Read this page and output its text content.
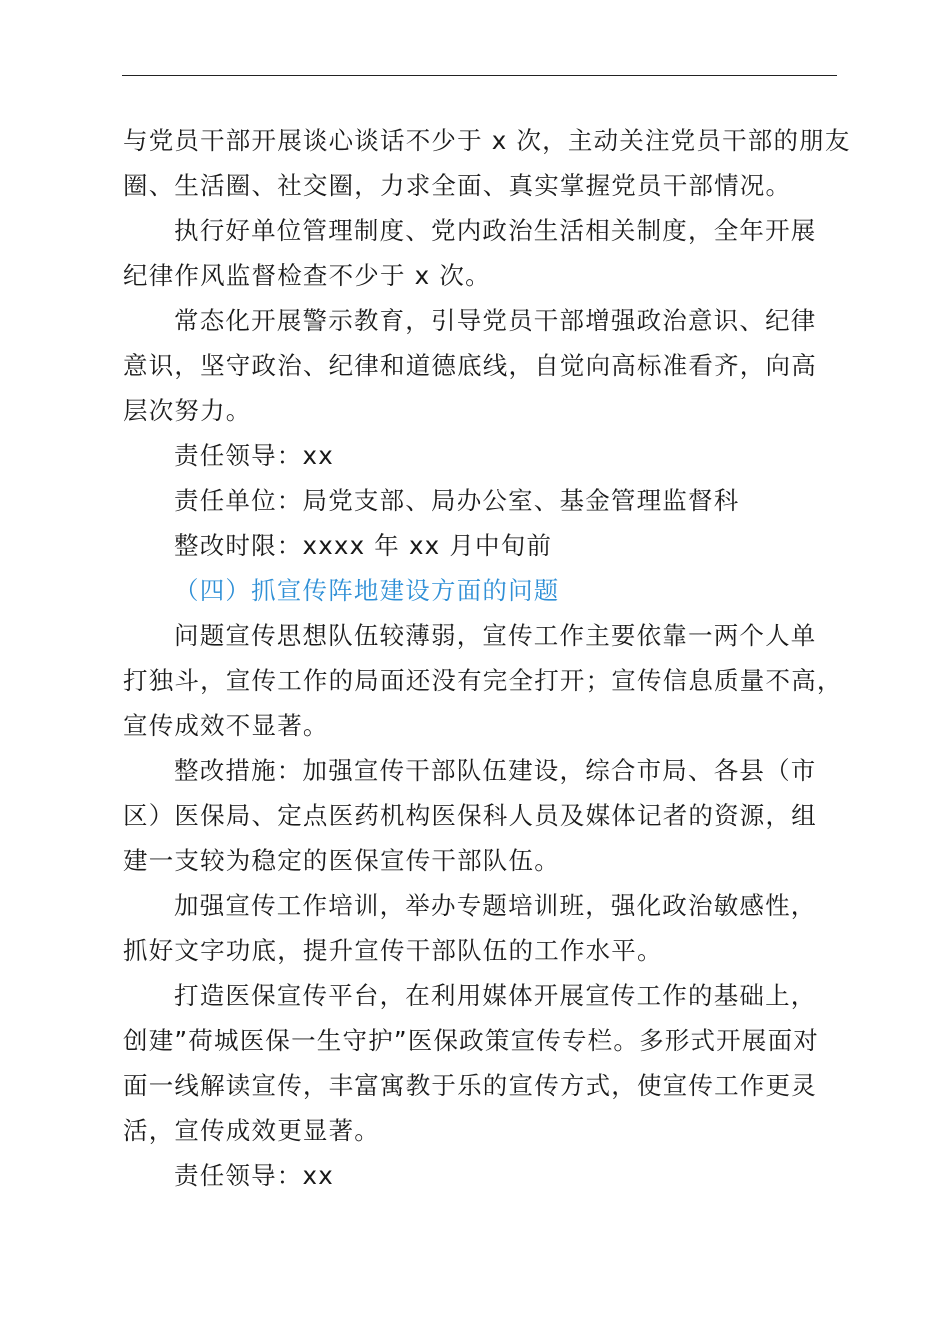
与党员干部开展谈心谈话不少于 x 次，主动关注党员干部的朋友

圈、生活圈、社交圈，力求全面、真实掌握党员干部情况。

执行好单位管理制度、党内政治生活相关制度，全年开展

纪律作风监督检查不少于 x 次。

常态化开展警示教育，引导党员干部增强政治意识、纪律

意识，坚守政治、纪律和道德底线，自觉向高标准看齐，向高

层次努力。

责任领导：xx

责任单位：局党支部、局办公室、基金管理监督科

整改时限：xxxx 年 xx 月中旬前

（四）抓宣传阵地建设方面的问题

问题宣传思想队伍较薄弱，宣传工作主要依靠一两个人单

打独斗，宣传工作的局面还没有完全打开；宣传信息质量不高，

宣传成效不显著。

整改措施：加强宣传干部队伍建设，综合市局、各县（市

区）医保局、定点医药机构医保科人员及媒体记者的资源，组

建一支较为稳定的医保宣传干部队伍。

加强宣传工作培训，举办专题培训班，强化政治敏感性，

抓好文字功底，提升宣传干部队伍的工作水平。

打造医保宣传平台，在利用媒体开展宣传工作的基础上，

创建”荷城医保一生守护”医保政策宣传专栏。多形式开展面对

面一线解读宣传，丰富寓教于乐的宣传方式，使宣传工作更灵

活，宣传成效更显著。

责任领导：xx
